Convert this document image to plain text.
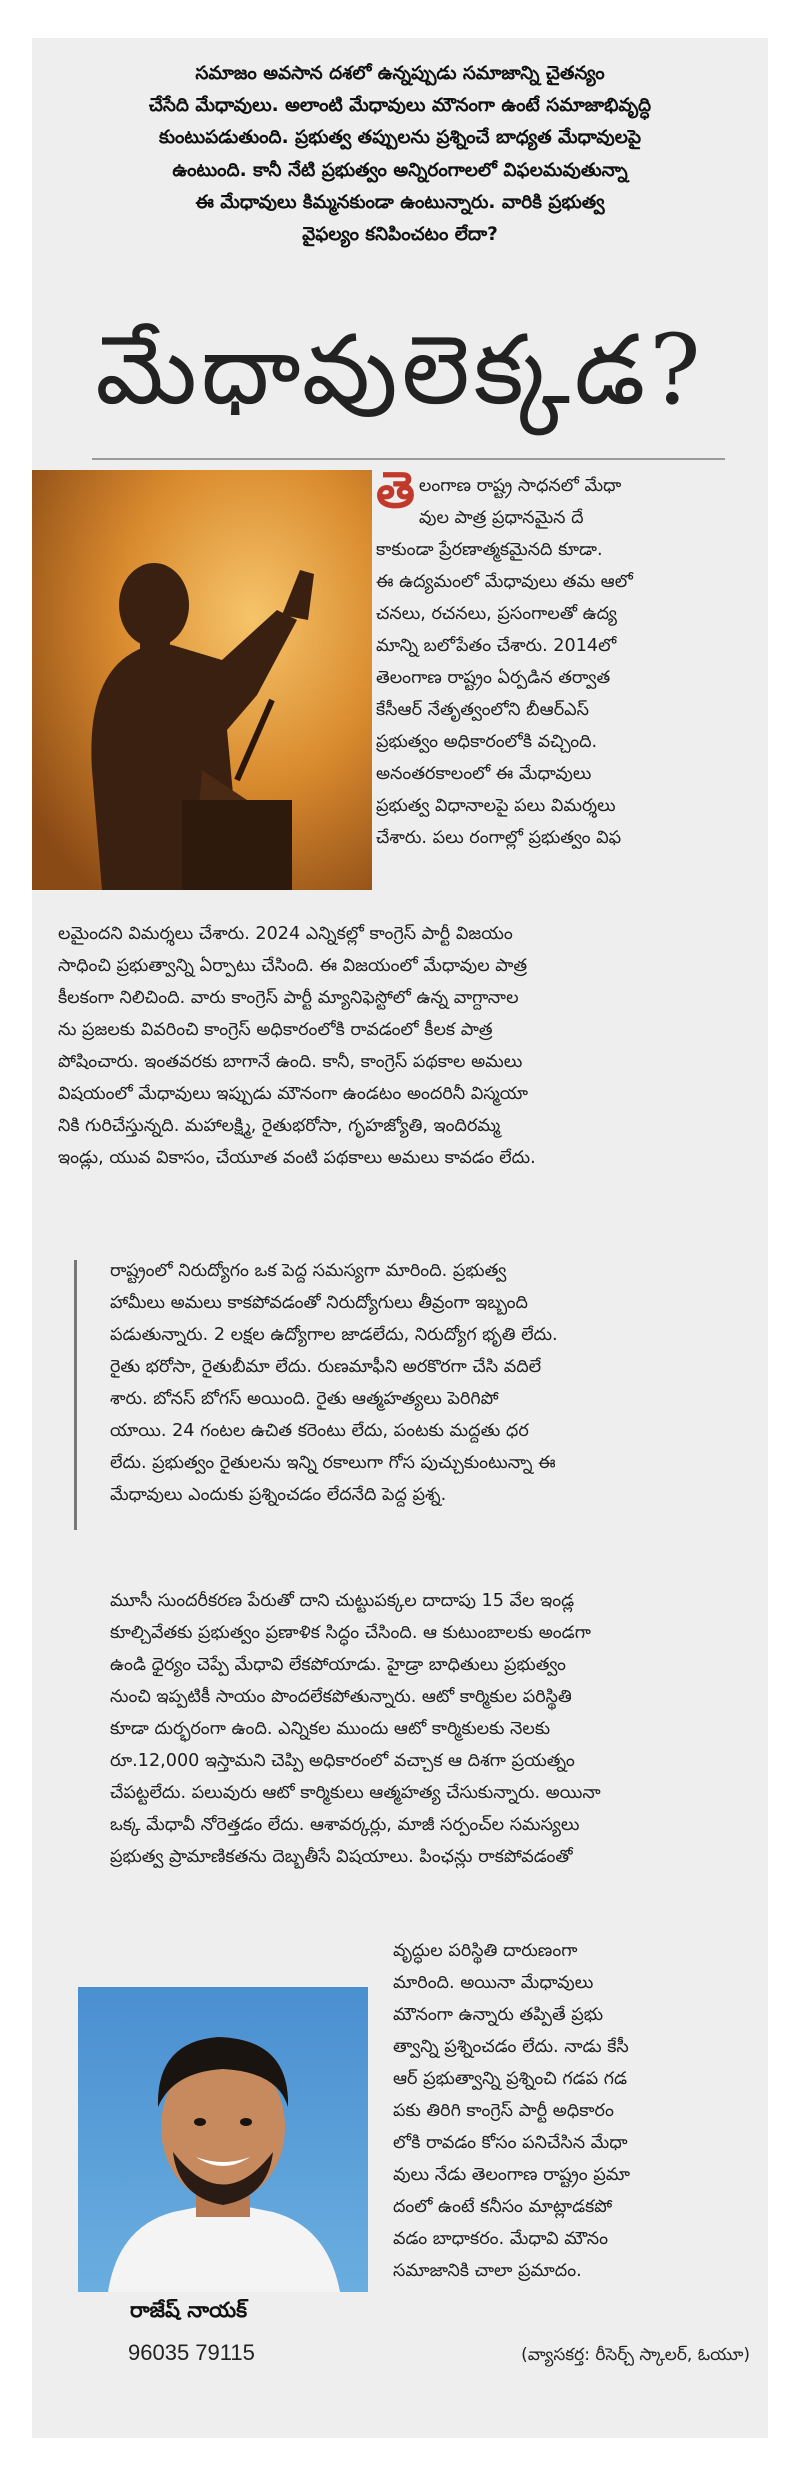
సమాజం అవసాన దశలో ఉన్నప్పుడు సమాజాన్ని చైతన్యం

చేసేది మేధావులు. అలాంటి మేధావులు మౌనంగా ఉంటే సమాజాభివృద్ధి

కుంటుపడుతుంది. ప్రభుత్వ తప్పులను ప్రశ్నించే బాధ్యత మేధావులపై

ఉంటుంది. కానీ నేటి ప్రభుత్వం అన్నిరంగాలలో విఫలమవుతున్నా

ఈ మేధావులు కిమ్మనకుండా ఉంటున్నారు. వారికి ప్రభుత్వ

వైఫల్యం కనిపించటం లేదా?

మేధావులెక్కడ?

తెలంగాణ రాష్ట్ర సాధనలో మేధా

వుల పాత్ర ప్రధానమైన దే

కాకుండా ప్రేరణాత్మకమైనది కూడా.

ఈ ఉద్యమంలో మేధావులు తమ ఆలో

చనలు, రచనలు, ప్రసంగాలతో ఉద్య

మాన్ని బలోపేతం చేశారు. 2014లో

తెలంగాణ రాష్ట్రం ఏర్పడిన తర్వాత

కేసీఆర్ నేతృత్వంలోని బీఆర్ఎస్

ప్రభుత్వం అధికారంలోకి వచ్చింది.

అనంతరకాలంలో ఈ మేధావులు

ప్రభుత్వ విధానాలపై పలు విమర్శలు

చేశారు. పలు రంగాల్లో ప్రభుత్వం విఫ

లమైందని విమర్శలు చేశారు. 2024 ఎన్నికల్లో కాంగ్రెస్ పార్టీ విజయం

సాధించి ప్రభుత్వాన్ని ఏర్పాటు చేసింది. ఈ విజయంలో మేధావుల పాత్ర

కీలకంగా నిలిచింది. వారు కాంగ్రెస్ పార్టీ మ్యానిఫెస్టోలో ఉన్న వాగ్దానాల

ను ప్రజలకు వివరించి కాంగ్రెస్ అధికారంలోకి రావడంలో కీలక పాత్ర

పోషించారు. ఇంతవరకు బాగానే ఉంది. కానీ, కాంగ్రెస్ పథకాల అమలు

విషయంలో మేధావులు ఇప్పుడు మౌనంగా ఉండటం అందరినీ విస్మయా

నికి గురిచేస్తున్నది. మహాలక్ష్మి, రైతుభరోసా, గృహజ్యోతి, ఇందిరమ్మ

ఇండ్లు, యువ వికాసం, చేయూత వంటి పథకాలు అమలు కావడం లేదు.

రాష్ట్రంలో నిరుద్యోగం ఒక పెద్ద సమస్యగా మారింది. ప్రభుత్వ

హామీలు అమలు కాకపోవడంతో నిరుద్యోగులు తీవ్రంగా ఇబ్బంది

పడుతున్నారు. 2 లక్షల ఉద్యోగాల జాడలేదు, నిరుద్యోగ భృతి లేదు.

రైతు భరోసా, రైతుబీమా లేదు. రుణమాఫీని అరకొరగా చేసి వదిలే

శారు. బోనస్ బోగస్ అయింది. రైతు ఆత్మహత్యలు పెరిగిపో

యాయి. 24 గంటల ఉచిత కరెంటు లేదు, పంటకు మద్దతు ధర

లేదు. ప్రభుత్వం రైతులను ఇన్ని రకాలుగా గోస పుచ్చుకుంటున్నా ఈ

మేధావులు ఎందుకు ప్రశ్నించడం లేదనేది పెద్ద ప్రశ్న.

మూసీ సుందరీకరణ పేరుతో దాని చుట్టుపక్కల దాదాపు 15 వేల ఇండ్ల

కూల్చివేతకు ప్రభుత్వం ప్రణాళిక సిద్ధం చేసింది. ఆ కుటుంబాలకు అండగా

ఉండి ధైర్యం చెప్పే మేధావి లేకపోయాడు. హైడ్రా బాధితులు ప్రభుత్వం

నుంచి ఇప్పటికీ సాయం పొందలేకపోతున్నారు. ఆటో కార్మికుల పరిస్థితి

కూడా దుర్భరంగా ఉంది. ఎన్నికల ముందు ఆటో కార్మికులకు నెలకు

రూ.12,000 ఇస్తామని చెప్పి అధికారంలో వచ్చాక ఆ దిశగా ప్రయత్నం

చేపట్టలేదు. పలువురు ఆటో కార్మికులు ఆత్మహత్య చేసుకున్నారు. అయినా

ఒక్క మేధావీ నోరెత్తడం లేదు. ఆశావర్కర్లు, మాజీ సర్పంచ్‌ల సమస్యలు

ప్రభుత్వ ప్రామాణికతను దెబ్బతీసే విషయాలు. పింఛన్లు రాకపోవడంతో

వృద్ధుల పరిస్థితి దారుణంగా

మారింది. అయినా మేధావులు

మౌనంగా ఉన్నారు తప్పితే ప్రభు

త్వాన్ని ప్రశ్నించడం లేదు. నాడు కేసీ

ఆర్ ప్రభుత్వాన్ని ప్రశ్నించి గడప గడ

పకు తిరిగి కాంగ్రెస్ పార్టీ అధికారం

లోకి రావడం కోసం పనిచేసిన మేధా

వులు నేడు తెలంగాణ రాష్ట్రం ప్రమా

దంలో ఉంటే కనీసం మాట్లాడకపో

వడం బాధాకరం. మేధావి మౌనం

సమాజానికి చాలా ప్రమాదం.

రాజేష్ నాయక్
96035 79115	(వ్యాసకర్త: రీసెర్చ్ స్కాలర్, ఓయూ)
